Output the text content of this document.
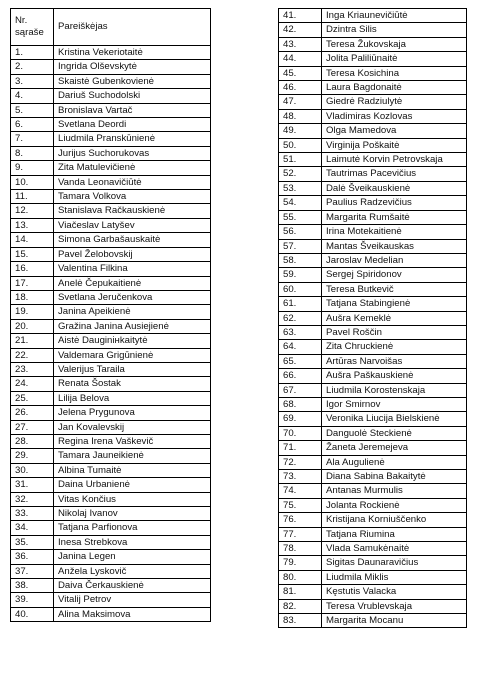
Nr. sąraše	Pareiškėjas
1.	Kristina Vekeriotaitė
2.	Ingrida Olševskytė
3.	Skaistė Gubenkovienė
4.	Dariuš Suchodolski
5.	Bronislava Vartač
6.	Svetlana Deordi
7.	Liudmila Pranskūnienė
8.	Jurijus Suchorukovas
9.	Zita Matulevičienė
10.	Vanda Leonavičiūtė
11.	Tamara Volkova
12.	Stanislava Račkauskienė
13.	Viačeslav Latyšev
14.	Simona Garbašauskaitė
15.	Pavel Želobovskij
16.	Valentina Filkina
17.	Anelė Čepukaitienė
18.	Svetlana Jeručenkova
19.	Janina Apeikienė
20.	Gražina Janina Ausiejienė
21.	Aistė Dauginінkaitytė
22.	Valdemara Grigūnienė
23.	Valerijus Taraila
24.	Renata Šostak
25.	Lilija Belova
26.	Jelena Prygunova
27.	Jan Kovalevskij
28.	Regina Irena Vaškevič
29.	Tamara Jauneikienė
30.	Albina Tumaitė
31.	Daina Urbanienė
32.	Vitas Končius
33.	Nikolaj Ivanov
34.	Tatjana Parfionova
35.	Inesa Strebkova
36.	Janina Legen
37.	Anžela Lyskovič
38.	Daiva Čerkauskienė
39.	Vitalij Petrov
40.	Alina Maksimova
41.	Inga Kriaunevičiūtė
42.	Dzintra Silis
43.	Teresa Žukovskaja
44.	Jolita Paliliūnaitė
45.	Teresa Kosichina
46.	Laura Bagdonaitė
47.	Giedrė Radziulytė
48.	Vladimiras Kozlovas
49.	Olga Mamedova
50.	Virginija Poškaitė
51.	Laimutė Korvin Petrovskaja
52.	Tautrimas Pacevičius
53.	Dalė Šveikauskienė
54.	Paulius Radzevičius
55.	Margarita Rumšaitė
56.	Irina Motekaitienė
57.	Mantas Šveikauskas
58.	Jaroslav Medelian
59.	Sergej Spiridonov
60.	Teresa Butkevič
61.	Tatjana Stabingienė
62.	Aušra Kemeklė
63.	Pavel Roščin
64.	Zita Chruckienė
65.	Artūras Narvoišas
66.	Aušra Paškauskienė
67.	Liudmila Korostenskaja
68.	Igor Smirnov
69.	Veronika Liucija Bielskienė
70.	Danguolė Steckienė
71.	Žaneta Jeremejeva
72.	Ala Augulienė
73.	Diana Sabina Bakaitytė
74.	Antanas Murmulis
75.	Jolanta Rockienė
76.	Kristijana Korniuščenko
77.	Tatjana Riumina
78.	Vlada Samukėnaitė
79.	Sigitas Daunaravičius
80.	Liudmila Miklis
81.	Kęstutis Valacka
82.	Teresa Vrublevskaja
83.	Margarita Mocanu
